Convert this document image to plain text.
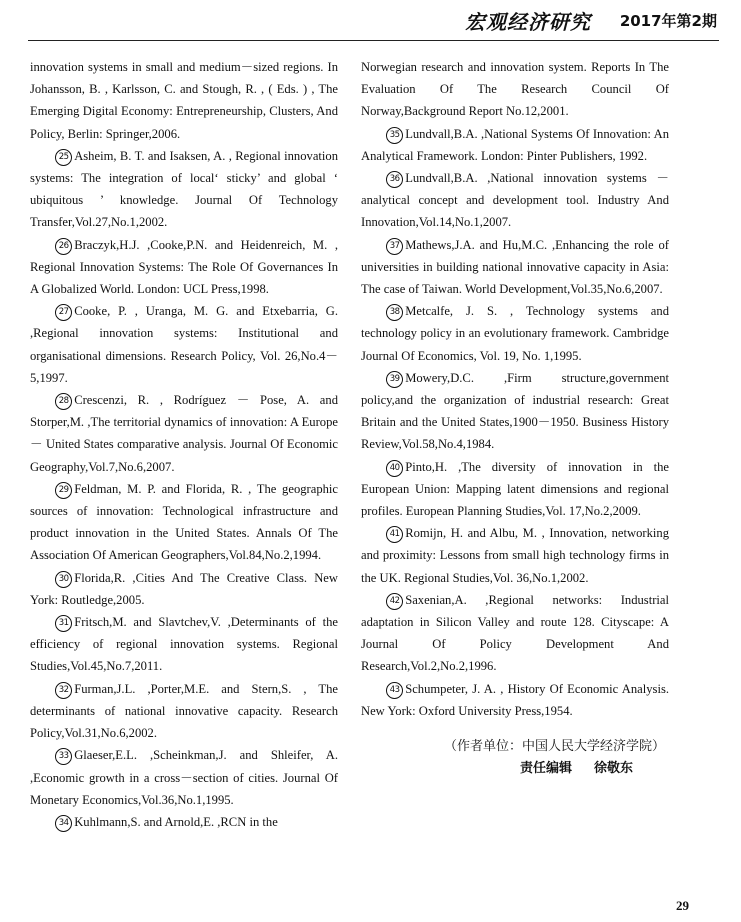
宏观经济研究 2017年第2期

innovation systems in small and medium－sized regions. In Johansson, B. , Karlsson, C. and Stough, R. , ( Eds. ) , The Emerging Digital Economy: Entrepreneurship, Clusters, And Policy, Berlin: Springer,2006.

25 Asheim, B. T. and Isaksen, A. , Regional innovation systems: The integration of local‘ sticky’ and global ‘ ubiquitous ’ knowledge. Journal Of Technology Transfer,Vol.27,No.1,2002.

26 Braczyk,H.J. ,Cooke,P.N. and Heidenreich, M. , Regional Innovation Systems: The Role Of Governances In A Globalized World. London: UCL Press,1998.

27 Cooke, P. , Uranga, M. G. and Etxebarria, G. ,Regional innovation systems: Institutional and organisational dimensions. Research Policy, Vol. 26,No.4－5,1997.

28 Crescenzi, R. , Rodríguez － Pose, A. and Storper,M. ,The territorial dynamics of innovation: A Europe － United States comparative analysis. Journal Of Economic Geography,Vol.7,No.6,2007.

29 Feldman, M. P. and Florida, R. , The geographic sources of innovation: Technological infrastructure and product innovation in the United States. Annals Of The Association Of American Geographers,Vol.84,No.2,1994.

30 Florida,R. ,Cities And The Creative Class. New York: Routledge,2005.

31 Fritsch,M. and Slavtchev,V. ,Determinants of the efficiency of regional innovation systems. Regional Studies,Vol.45,No.7,2011.

32 Furman,J.L. ,Porter,M.E. and Stern,S. , The determinants of national innovative capacity. Research Policy,Vol.31,No.6,2002.

33 Glaeser,E.L. ,Scheinkman,J. and Shleifer, A. ,Economic growth in a cross－section of cities. Journal Of Monetary Economics,Vol.36,No.1,1995.

34 Kuhlmann,S. and Arnold,E. ,RCN in the

Norwegian research and innovation system. Reports In The Evaluation Of The Research Council Of Norway,Background Report No.12,2001.

35 Lundvall,B.A. ,National Systems Of Innovation: An Analytical Framework. London: Pinter Publishers, 1992.

36 Lundvall,B.A. ,National innovation systems －analytical concept and development tool. Industry And Innovation,Vol.14,No.1,2007.

37 Mathews,J.A. and Hu,M.C. ,Enhancing the role of universities in building national innovative capacity in Asia: The case of Taiwan. World Development,Vol.35,No.6,2007.

38 Metcalfe, J. S. , Technology systems and technology policy in an evolutionary framework. Cambridge Journal Of Economics, Vol. 19, No. 1,1995.

39 Mowery,D.C. ,Firm structure,government policy,and the organization of industrial research: Great Britain and the United States,1900－1950. Business History Review,Vol.58,No.4,1984.

40 Pinto,H. ,The diversity of innovation in the European Union: Mapping latent dimensions and regional profiles. European Planning Studies,Vol. 17,No.2,2009.

41 Romijn, H. and Albu, M. , Innovation, networking and proximity: Lessons from small high technology firms in the UK. Regional Studies,Vol. 36,No.1,2002.

42 Saxenian,A. ,Regional networks: Industrial adaptation in Silicon Valley and route 128. Cityscape: A Journal Of Policy Development And Research,Vol.2,No.2,1996.

43 Schumpeter, J. A. , History Of Economic Analysis. New York: Oxford University Press,1954.

（作者单位：中国人民大学经济学院）
责任编辑 徐敬东
29
